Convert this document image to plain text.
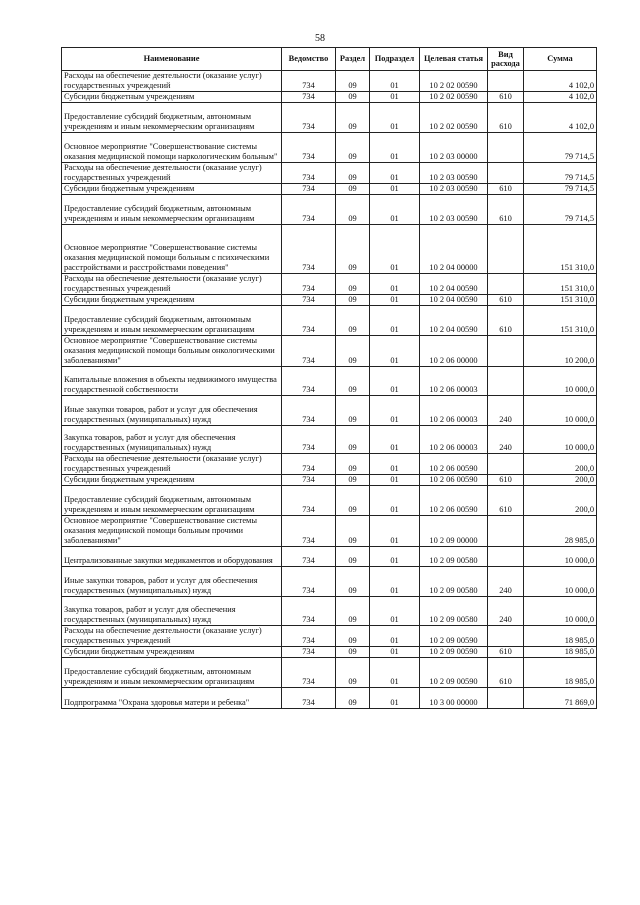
58
Наименование	Ведомство	Раздел	Подраздел	Целевая статья	Вид расхода	Сумма
Расходы на обеспечение деятельности (оказание услуг) государственных учреждений	734	09	01	10 2 02 00590		4 102,0
Субсидии бюджетным учреждениям	734	09	01	10 2 02 00590	610	4 102,0
Предоставление субсидий бюджетным, автономным учреждениям и иным некоммерческим организациям	734	09	01	10 2 02 00590	610	4 102,0
Основное мероприятие "Совершенствование системы оказания медицинской помощи наркологическим больным"	734	09	01	10 2 03 00000		79 714,5
Расходы на обеспечение деятельности (оказание услуг) государственных учреждений	734	09	01	10 2 03 00590		79 714,5
Субсидии бюджетным учреждениям	734	09	01	10 2 03 00590	610	79 714,5
Предоставление субсидий бюджетным, автономным учреждениям и иным некоммерческим организациям	734	09	01	10 2 03 00590	610	79 714,5
Основное мероприятие "Совершенствование системы оказания медицинской помощи больным с психическими расстройствами и расстройствами поведения"	734	09	01	10 2 04 00000		151 310,0
Расходы на обеспечение деятельности (оказание услуг) государственных учреждений	734	09	01	10 2 04 00590		151 310,0
Субсидии бюджетным учреждениям	734	09	01	10 2 04 00590	610	151 310,0
Предоставление субсидий бюджетным, автономным учреждениям и иным некоммерческим организациям	734	09	01	10 2 04 00590	610	151 310,0
Основное мероприятие "Совершенствование системы оказания медицинской помощи больным онкологическими заболеваниями"	734	09	01	10 2 06 00000		10 200,0
Капитальные вложения в объекты недвижимого имущества государственной собственности	734	09	01	10 2 06 00003		10 000,0
Иные закупки товаров, работ и услуг для обеспечения государственных (муниципальных) нужд	734	09	01	10 2 06 00003	240	10 000,0
Закупка товаров, работ и услуг для обеспечения государственных (муниципальных) нужд	734	09	01	10 2 06 00003	240	10 000,0
Расходы на обеспечение деятельности (оказание услуг) государственных учреждений	734	09	01	10 2 06 00590		200,0
Субсидии бюджетным учреждениям	734	09	01	10 2 06 00590	610	200,0
Предоставление субсидий бюджетным, автономным учреждениям и иным некоммерческим организациям	734	09	01	10 2 06 00590	610	200,0
Основное мероприятие "Совершенствование системы оказания медицинской помощи больным прочими заболеваниями"	734	09	01	10 2 09 00000		28 985,0
Централизованные закупки медикаментов и оборудования	734	09	01	10 2 09 00580		10 000,0
Иные закупки товаров, работ и услуг для обеспечения государственных (муниципальных) нужд	734	09	01	10 2 09 00580	240	10 000,0
Закупка товаров, работ и услуг для обеспечения государственных (муниципальных) нужд	734	09	01	10 2 09 00580	240	10 000,0
Расходы на обеспечение деятельности (оказание услуг) государственных учреждений	734	09	01	10 2 09 00590		18 985,0
Субсидии бюджетным учреждениям	734	09	01	10 2 09 00590	610	18 985,0
Предоставление субсидий бюджетным, автономным учреждениям и иным некоммерческим организациям	734	09	01	10 2 09 00590	610	18 985,0
Подпрограмма "Охрана здоровья матери и ребенка"	734	09	01	10 3 00 00000		71 869,0
